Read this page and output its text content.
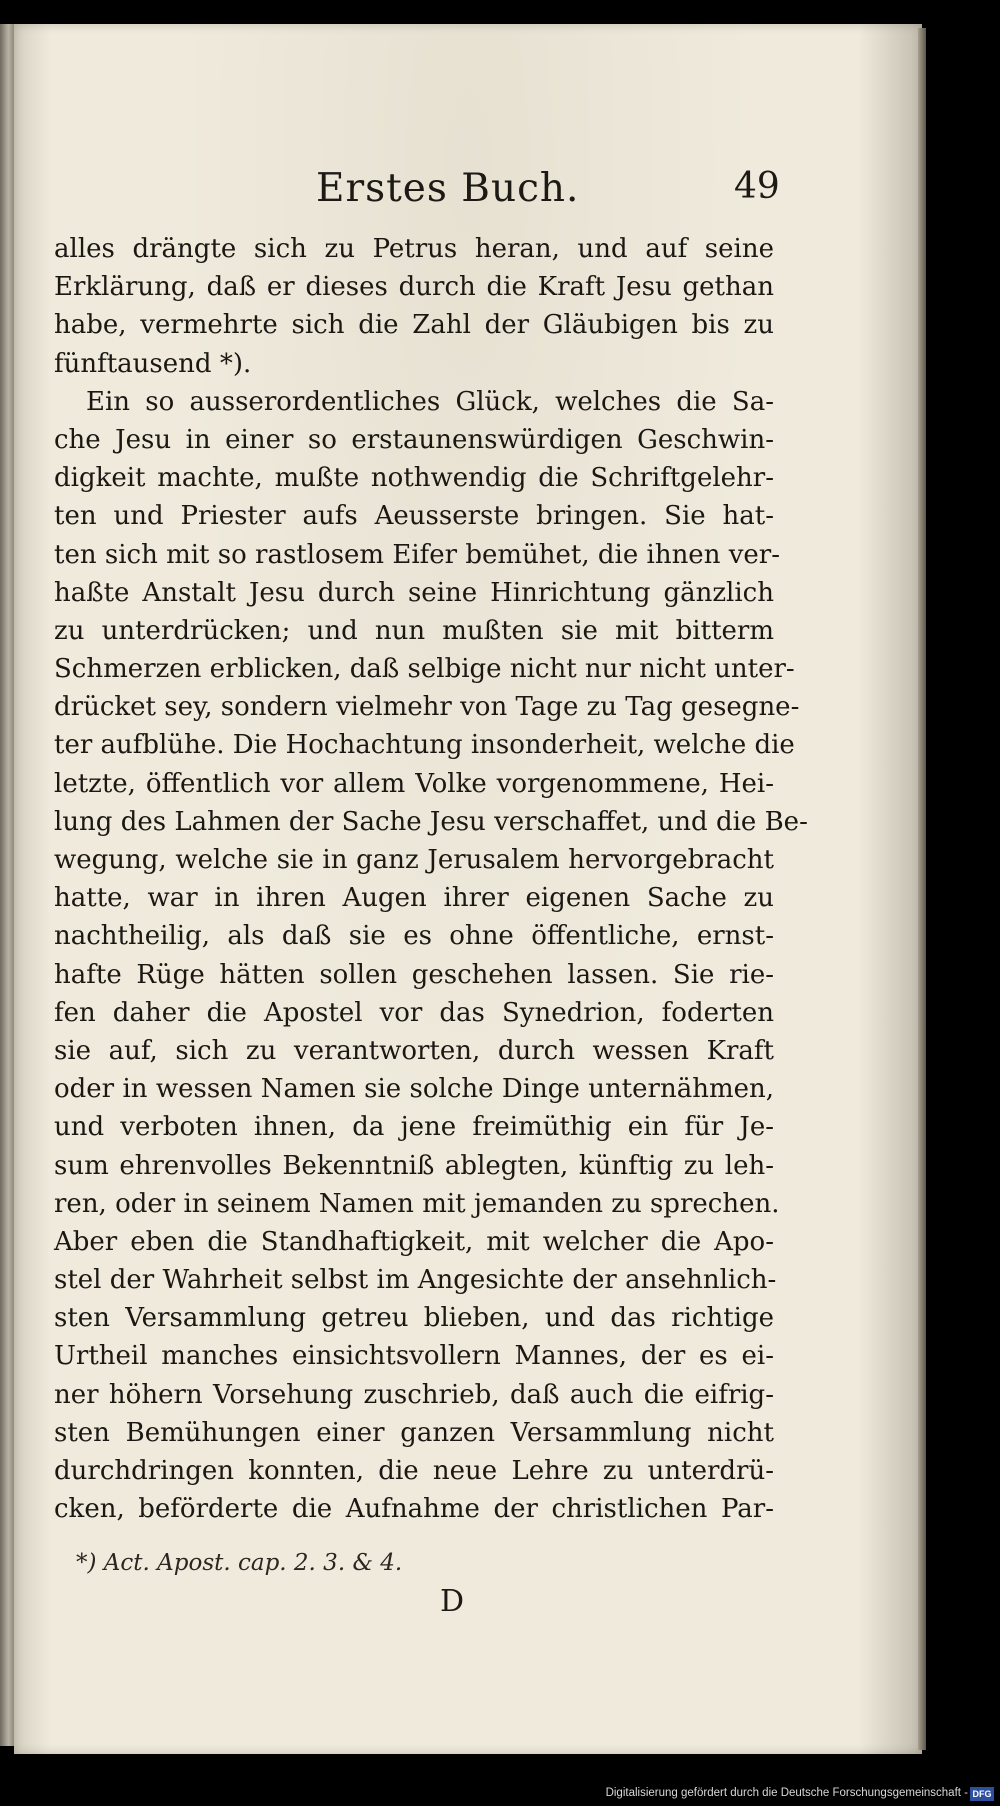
Erstes Buch.	49
alles drängte sich zu Petrus heran, und auf seine
Erklärung, daß er dieses durch die Kraft Jesu gethan
habe, vermehrte sich die Zahl der Gläubigen bis zu
fünftausend *).
Ein so ausserordentliches Glück, welches die Sa-
che Jesu in einer so erstaunenswürdigen Geschwin-
digkeit machte, mußte nothwendig die Schriftgelehr-
ten und Priester aufs Aeusserste bringen. Sie hat-
ten sich mit so rastlosem Eifer bemühet, die ihnen ver-
haßte Anstalt Jesu durch seine Hinrichtung gänzlich
zu unterdrücken; und nun mußten sie mit bitterm
Schmerzen erblicken, daß selbige nicht nur nicht unter-
drücket sey, sondern vielmehr von Tage zu Tag gesegne-
ter aufblühe. Die Hochachtung insonderheit, welche die
letzte, öffentlich vor allem Volke vorgenommene, Hei-
lung des Lahmen der Sache Jesu verschaffet, und die Be-
wegung, welche sie in ganz Jerusalem hervorgebracht
hatte, war in ihren Augen ihrer eigenen Sache zu
nachtheilig, als daß sie es ohne öffentliche, ernst-
hafte Rüge hätten sollen geschehen lassen. Sie rie-
fen daher die Apostel vor das Synedrion, foderten
sie auf, sich zu verantworten, durch wessen Kraft
oder in wessen Namen sie solche Dinge unternähmen,
und verboten ihnen, da jene freimüthig ein für Je-
sum ehrenvolles Bekenntniß ablegten, künftig zu leh-
ren, oder in seinem Namen mit jemanden zu sprechen.
Aber eben die Standhaftigkeit, mit welcher die Apo-
stel der Wahrheit selbst im Angesichte der ansehnlich-
sten Versammlung getreu blieben, und das richtige
Urtheil manches einsichtsvollern Mannes, der es ei-
ner höhern Vorsehung zuschrieb, daß auch die eifrig-
sten Bemühungen einer ganzen Versammlung nicht
durchdringen konnten, die neue Lehre zu unterdrü-
cken, beförderte die Aufnahme der christlichen Par-
*) Act. Apost. cap. 2. 3. & 4.
D
Digitalisierung gefördert durch die Deutsche Forschungsgemeinschaft - DFG
